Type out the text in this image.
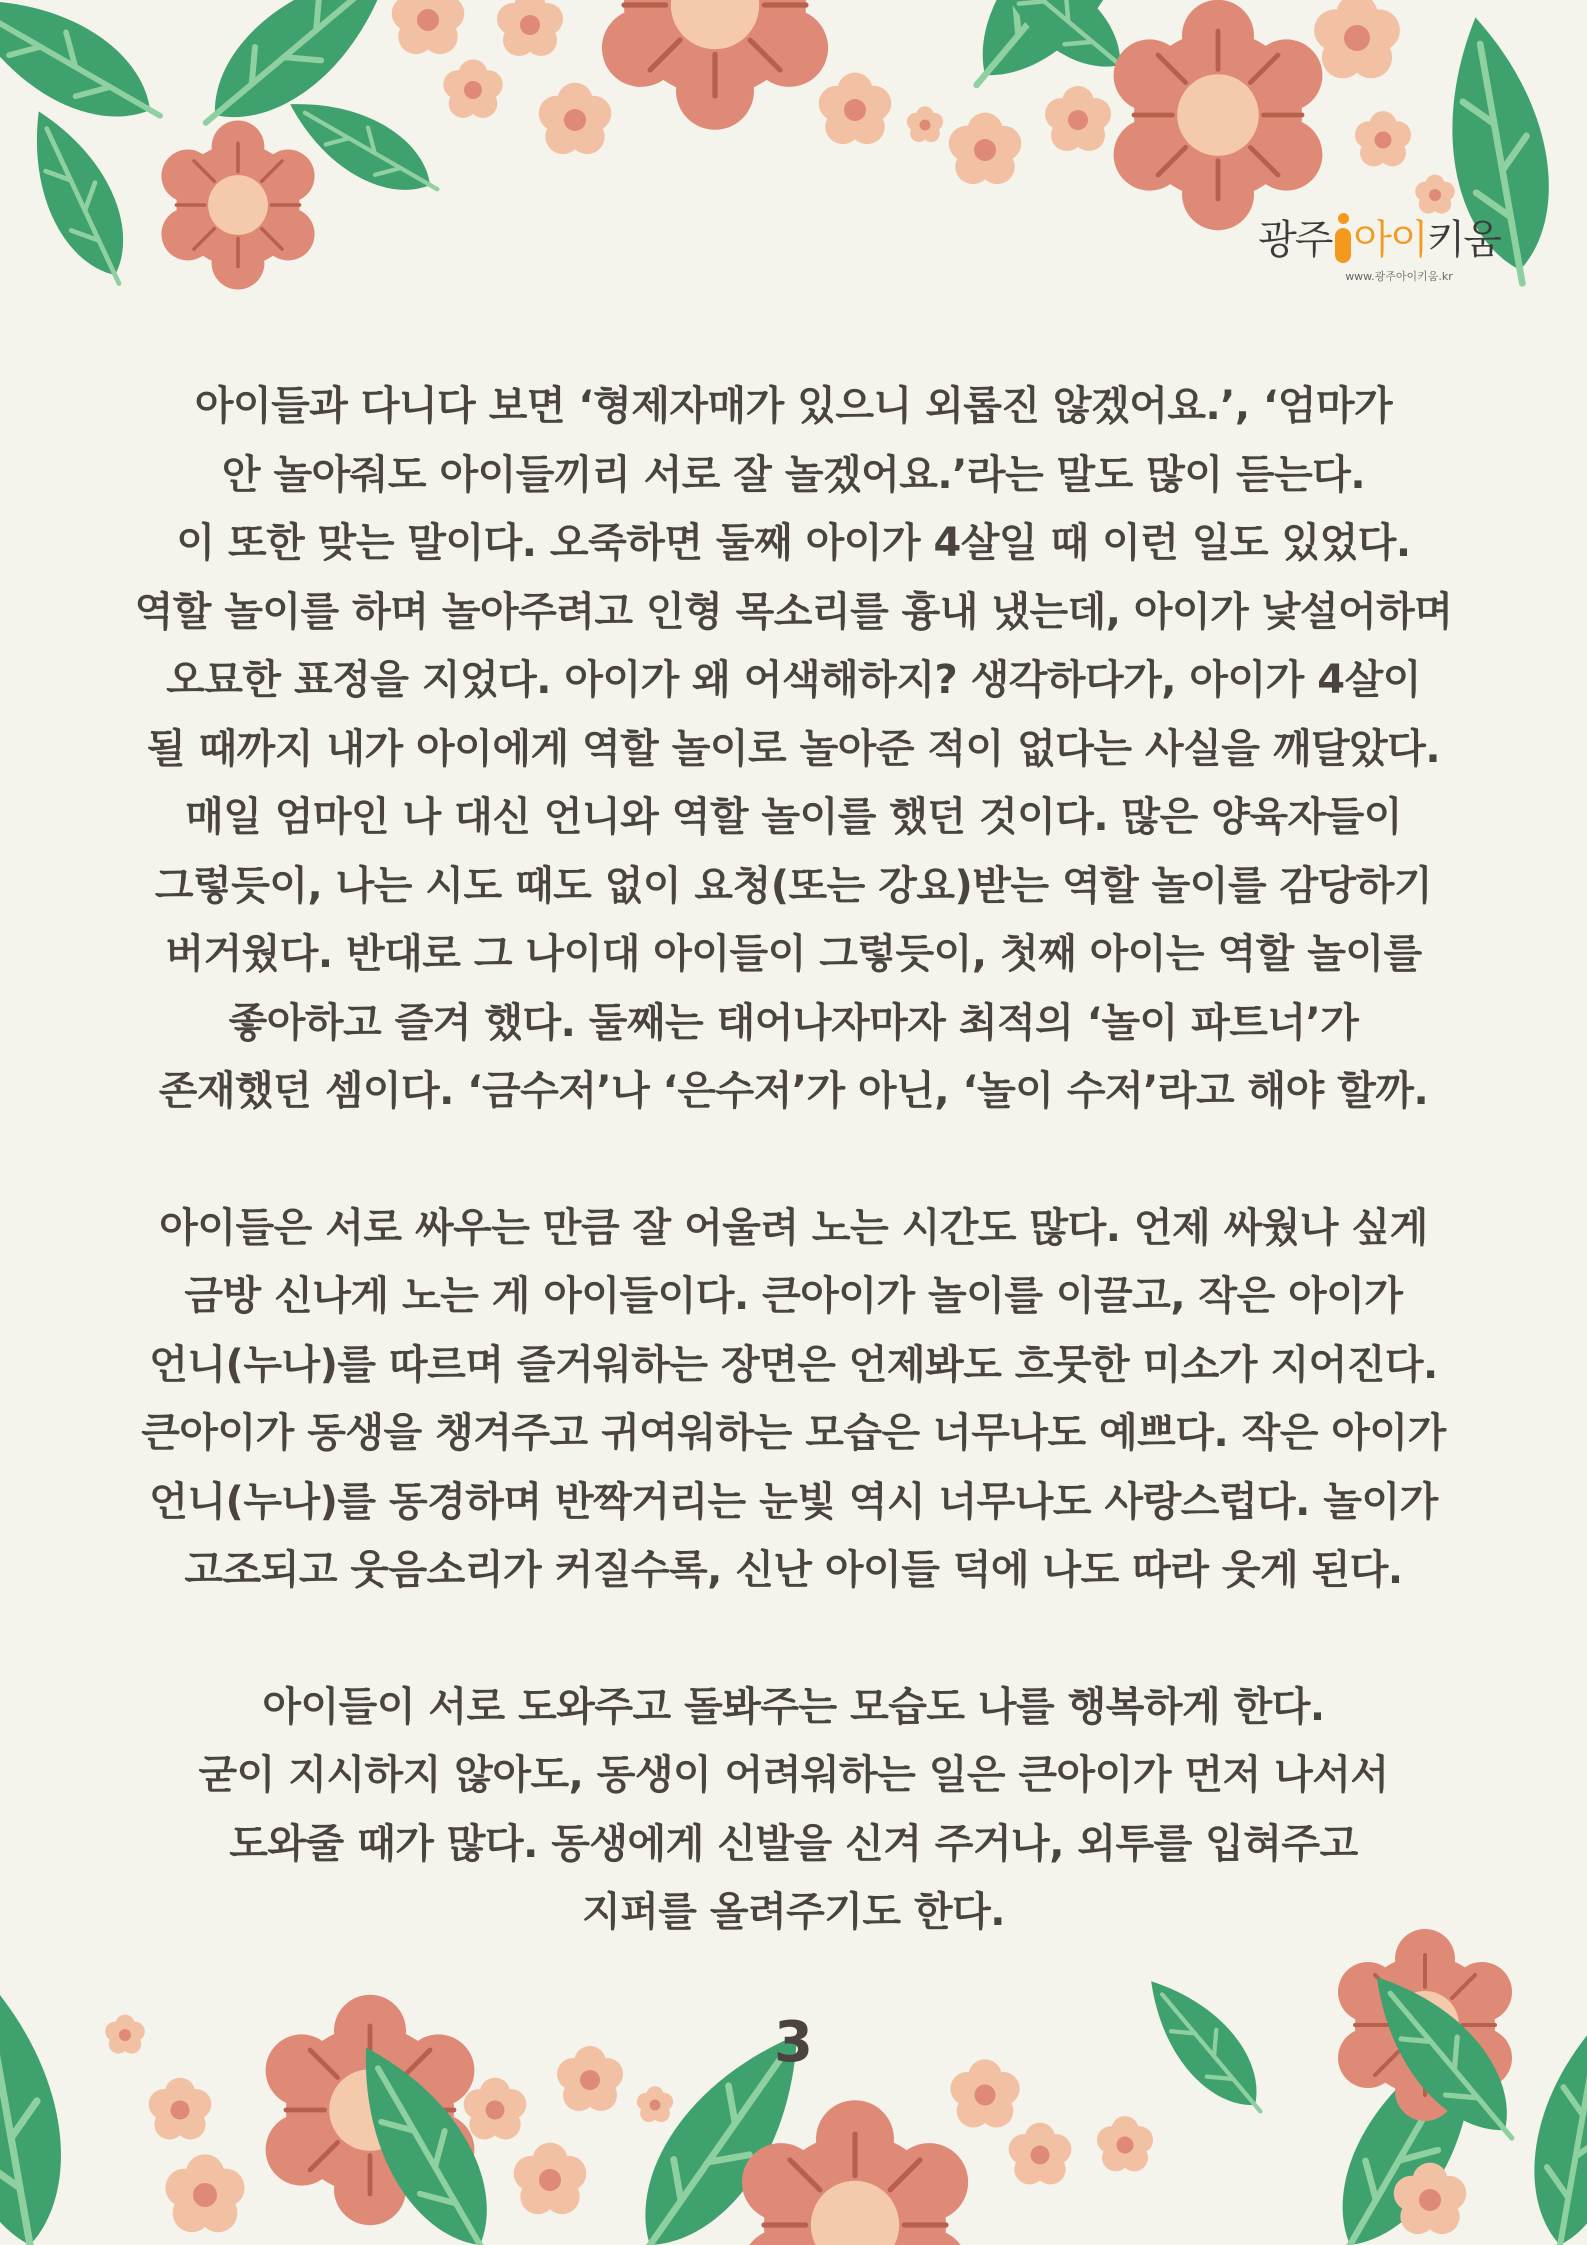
광주 아이키움
www.광주아이키움.kr

아이들과 다니다 보면 ‘형제자매가 있으니 외롭진 않겠어요.’, ‘엄마가
안 놀아줘도 아이들끼리 서로 잘 놀겠어요.’라는 말도 많이 듣는다.
이 또한 맞는 말이다. 오죽하면 둘째 아이가 4살일 때 이런 일도 있었다.
역할 놀이를 하며 놀아주려고 인형 목소리를 흉내 냈는데, 아이가 낯설어하며
오묘한 표정을 지었다. 아이가 왜 어색해하지? 생각하다가, 아이가 4살이
될 때까지 내가 아이에게 역할 놀이로 놀아준 적이 없다는 사실을 깨달았다.
매일 엄마인 나 대신 언니와 역할 놀이를 했던 것이다. 많은 양육자들이
그렇듯이, 나는 시도 때도 없이 요청(또는 강요)받는 역할 놀이를 감당하기
버거웠다. 반대로 그 나이대 아이들이 그렇듯이, 첫째 아이는 역할 놀이를
좋아하고 즐겨 했다. 둘째는 태어나자마자 최적의 ‘놀이 파트너’가
존재했던 셈이다. ‘금수저’나 ‘은수저’가 아닌, ‘놀이 수저’라고 해야 할까.

아이들은 서로 싸우는 만큼 잘 어울려 노는 시간도 많다. 언제 싸웠나 싶게
금방 신나게 노는 게 아이들이다. 큰아이가 놀이를 이끌고, 작은 아이가
언니(누나)를 따르며 즐거워하는 장면은 언제봐도 흐뭇한 미소가 지어진다.
큰아이가 동생을 챙겨주고 귀여워하는 모습은 너무나도 예쁘다. 작은 아이가
언니(누나)를 동경하며 반짝거리는 눈빛 역시 너무나도 사랑스럽다. 놀이가
고조되고 웃음소리가 커질수록, 신난 아이들 덕에 나도 따라 웃게 된다.

아이들이 서로 도와주고 돌봐주는 모습도 나를 행복하게 한다.
굳이 지시하지 않아도, 동생이 어려워하는 일은 큰아이가 먼저 나서서
도와줄 때가 많다. 동생에게 신발을 신겨 주거나, 외투를 입혀주고
지퍼를 올려주기도 한다.

3
